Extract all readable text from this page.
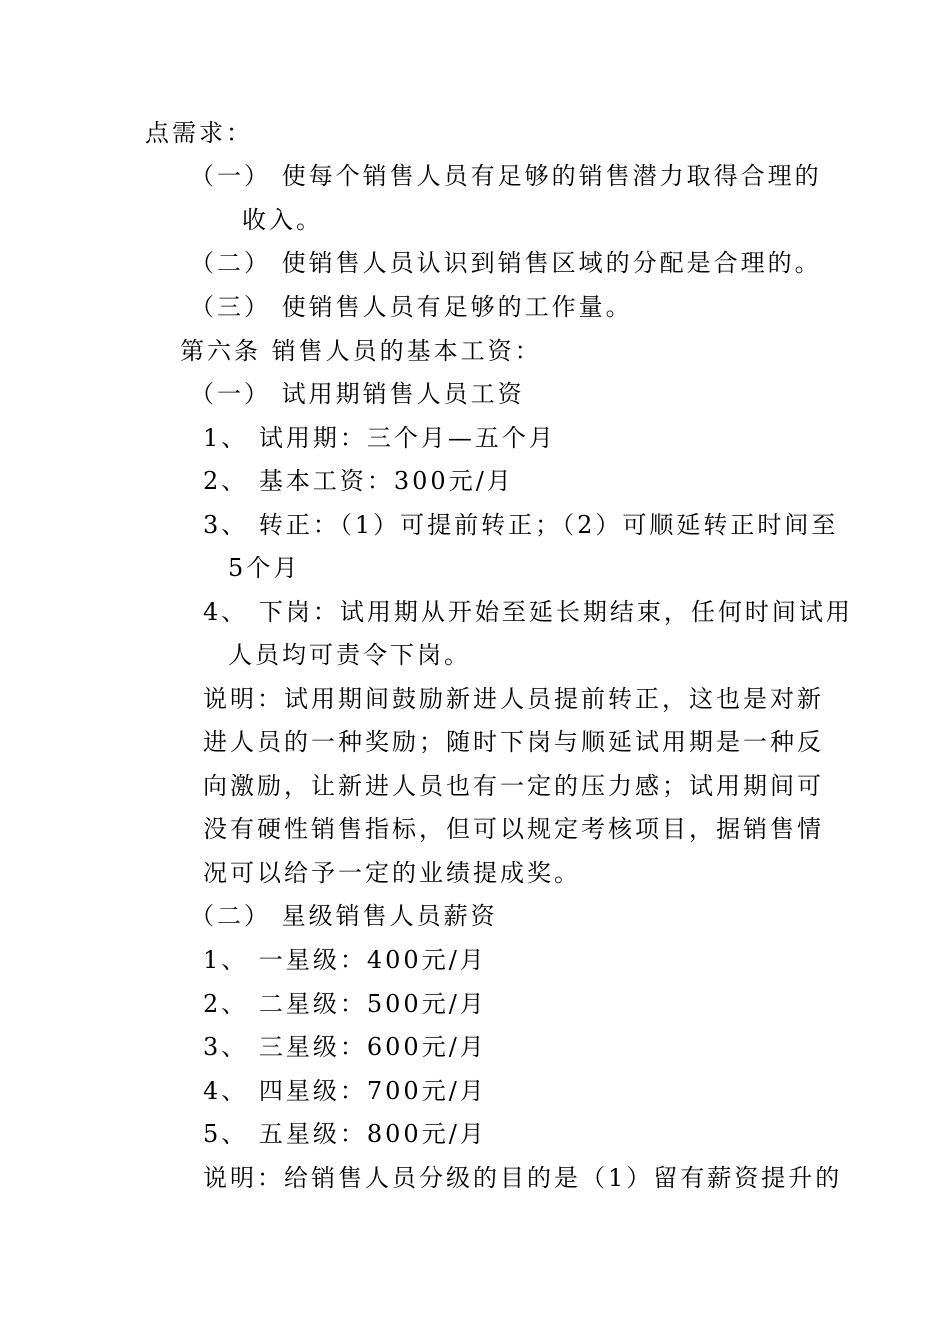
点需求：
（一） 使每个销售人员有足够的销售潜力取得合理的
收入。
（二） 使销售人员认识到销售区域的分配是合理的。
（三） 使销售人员有足够的工作量。
第六条 销售人员的基本工资：
（一） 试用期销售人员工资
1、 试用期：三个月—五个月
2、 基本工资：300元/月
3、 转正：（1）可提前转正；（2）可顺延转正时间至
5个月
4、 下岗：试用期从开始至延长期结束，任何时间试用
人员均可责令下岗。
说明：试用期间鼓励新进人员提前转正，这也是对新
进人员的一种奖励；随时下岗与顺延试用期是一种反
向激励，让新进人员也有一定的压力感；试用期间可
没有硬性销售指标，但可以规定考核项目，据销售情
况可以给予一定的业绩提成奖。
（二） 星级销售人员薪资
1、 一星级：400元/月
2、 二星级：500元/月
3、 三星级：600元/月
4、 四星级：700元/月
5、 五星级：800元/月
说明：给销售人员分级的目的是（1）留有薪资提升的
